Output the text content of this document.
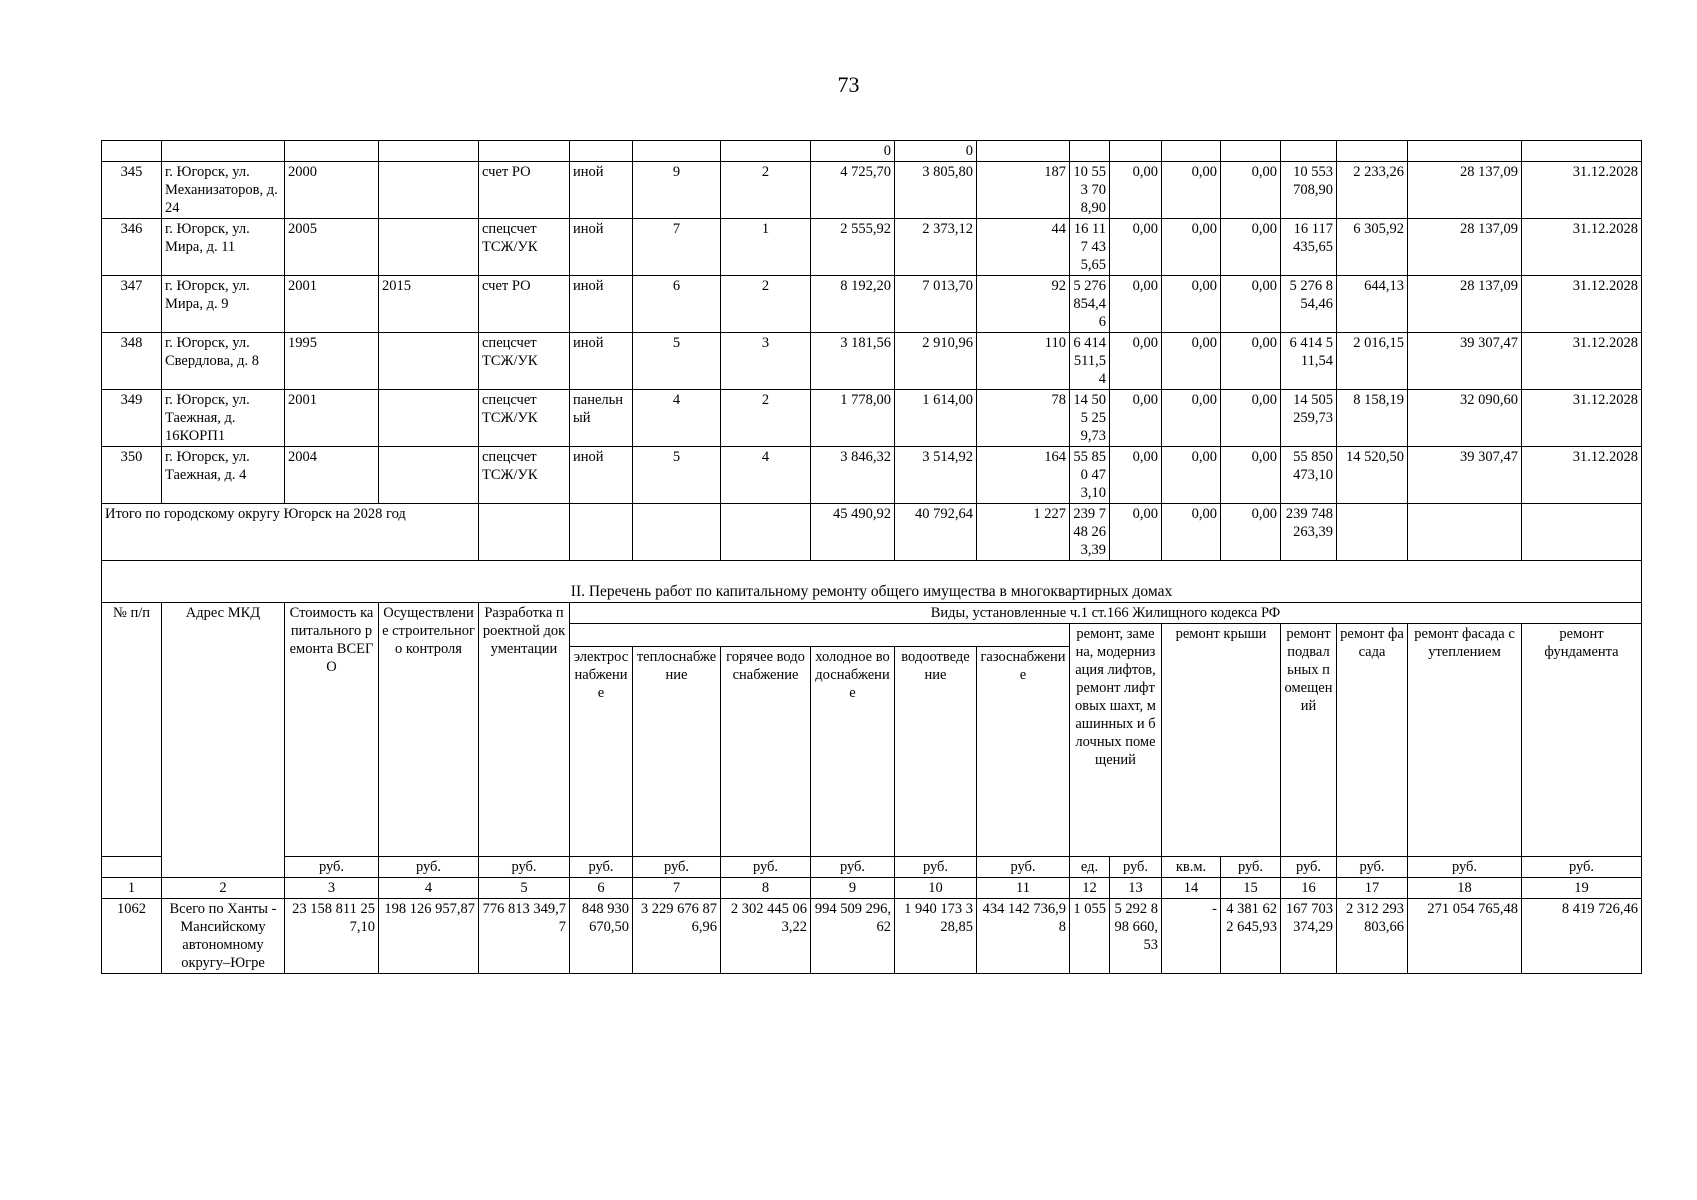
73
								0	0									
345	г. Югорск, ул. Механизаторов, д. 24	2000		счет РО	иной	9	2	4 725,70	3 805,80	187	10 553 708,90	0,00	0,00	0,00	10 553 708,90	2 233,26	28 137,09	31.12.2028
346	г. Югорск, ул. Мира, д. 11	2005		спецсчет ТСЖ/УК	иной	7	1	2 555,92	2 373,12	44	16 117 435,65	0,00	0,00	0,00	16 117 435,65	6 305,92	28 137,09	31.12.2028
347	г. Югорск, ул. Мира, д. 9	2001	2015	счет РО	иной	6	2	8 192,20	7 013,70	92	5 276 854,46	0,00	0,00	0,00	5 276 854,46	644,13	28 137,09	31.12.2028
348	г. Югорск, ул. Свердлова, д. 8	1995		спецсчет ТСЖ/УК	иной	5	3	3 181,56	2 910,96	110	6 414 511,54	0,00	0,00	0,00	6 414 511,54	2 016,15	39 307,47	31.12.2028
349	г. Югорск, ул. Таежная, д. 16КОРП1	2001		спецсчет ТСЖ/УК	панельный	4	2	1 778,00	1 614,00	78	14 505 259,73	0,00	0,00	0,00	14 505 259,73	8 158,19	32 090,60	31.12.2028
350	г. Югорск, ул. Таежная, д. 4	2004		спецсчет ТСЖ/УК	иной	5	4	3 846,32	3 514,92	164	55 850 473,10	0,00	0,00	0,00	55 850 473,10	14 520,50	39 307,47	31.12.2028
Итого по городскому округу Югорск на 2028 год								45 490,92	40 792,64	1 227	239 748 263,39	0,00	0,00	0,00	239 748 263,39			
II. Перечень работ по капитальному ремонту общего имущества в многоквартирных домах																		
№ п/п	Адрес МКД	Стоимость капитального ремонта ВСЕГО	Осуществление строительного контроля	Разработка проектной документации	Виды, установленные ч.1 ст.166 Жилищного кодекса РФ													
											ремонт, замена, модернизация лифтов, ремонт лифтовых шахт, машинных и блочных помещений		ремонт крыши		ремонт подвальных помещений	ремонт фасада	ремонт фасада с утеплением	ремонт фундамента
					электроснабжение	теплоснабжение	горячее водоснабжение	холодное водоснабжение	водоотведение	газоснабжение								
		руб.	руб.	руб.	руб.	руб.	руб.	руб.	руб.	руб.	ед.	руб.	кв.м.	руб.	руб.	руб.	руб.	руб.
1	2	3	4	5	6	7	8	9	10	11	12	13	14	15	16	17	18	19
1062	Всего по Ханты - Мансийскому автономному округу–Югре	23 158 811 257,10	198 126 957,87	776 813 349,77	848 930 670,50	3 229 676 876,96	2 302 445 063,22	994 509 296,62	1 940 173 328,85	434 142 736,98	1 055	5 292 898 660,53	-	4 381 622 645,93	167 703 374,29	2 312 293 803,66	271 054 765,48	8 419 726,46
